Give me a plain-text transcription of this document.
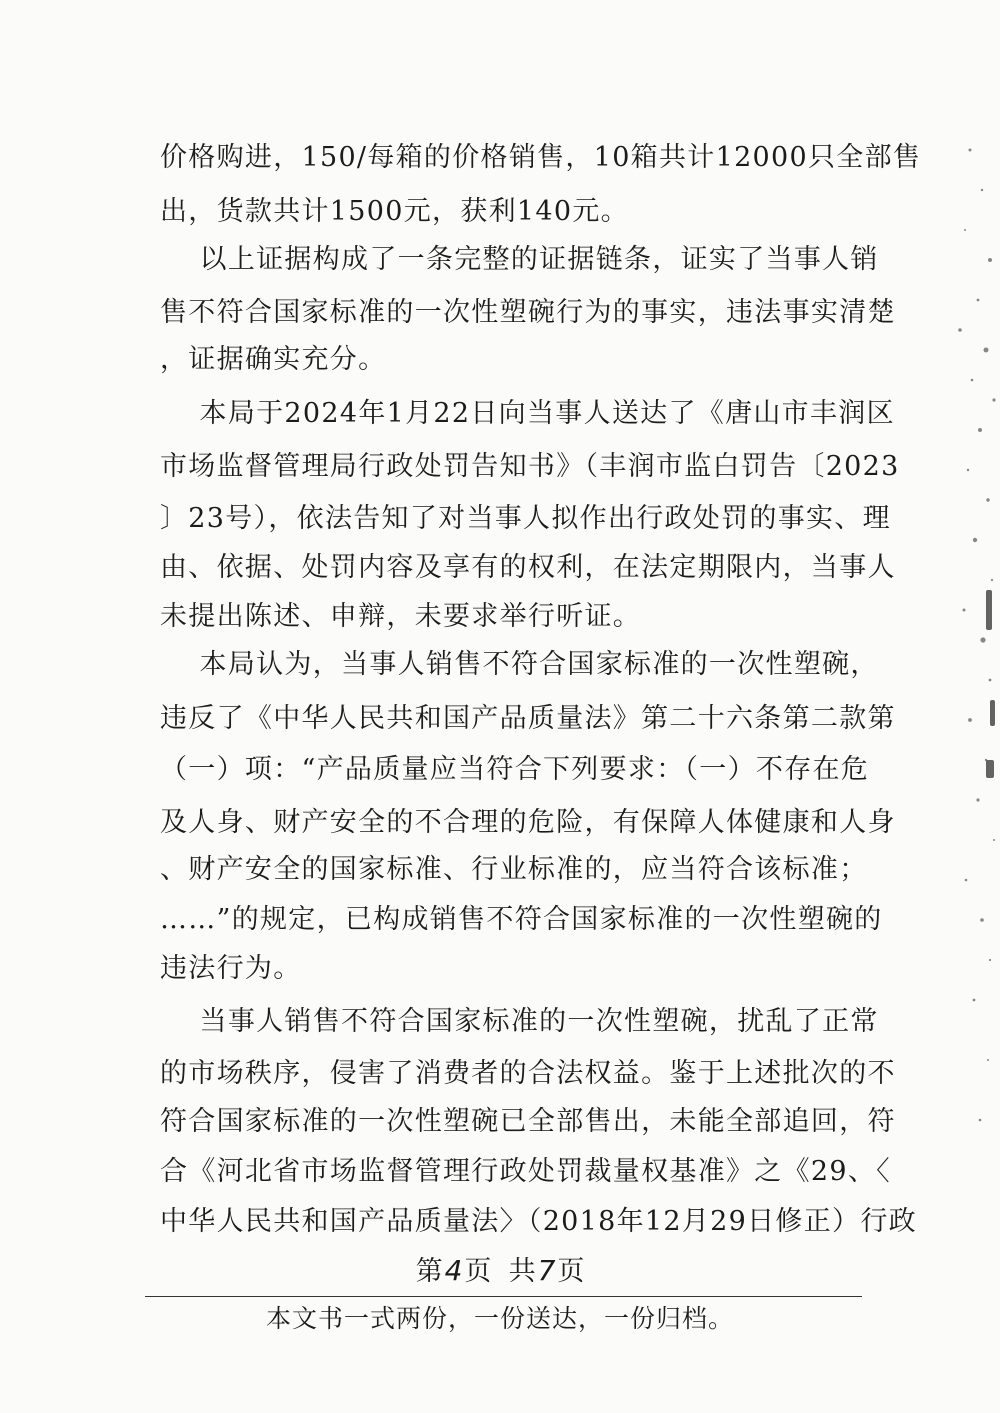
价格购进，150/每箱的价格销售，10箱共计12000只全部售
出，货款共计1500元，获利140元。
以上证据构成了一条完整的证据链条，证实了当事人销
售不符合国家标准的一次性塑碗行为的事实，违法事实清楚
，证据确实充分。
本局于2024年1月22日向当事人送达了《唐山市丰润区
市场监督管理局行政处罚告知书》（丰润市监白罚告〔2023
〕23号），依法告知了对当事人拟作出行政处罚的事实、理
由、依据、处罚内容及享有的权利，在法定期限内，当事人
未提出陈述、申辩，未要求举行听证。
本局认为，当事人销售不符合国家标准的一次性塑碗，
违反了《中华人民共和国产品质量法》第二十六条第二款第
（一）项：“产品质量应当符合下列要求：（一）不存在危
及人身、财产安全的不合理的危险，有保障人体健康和人身
、财产安全的国家标准、行业标准的，应当符合该标准；
……”的规定，已构成销售不符合国家标准的一次性塑碗的
违法行为。
当事人销售不符合国家标准的一次性塑碗，扰乱了正常
的市场秩序，侵害了消费者的合法权益。鉴于上述批次的不
符合国家标准的一次性塑碗已全部售出，未能全部追回，符
合《河北省市场监督管理行政处罚裁量权基准》之《29、〈
中华人民共和国产品质量法〉（2018年12月29日修正）行政
第4页  共7页
本文书一式两份，一份送达，一份归档。
